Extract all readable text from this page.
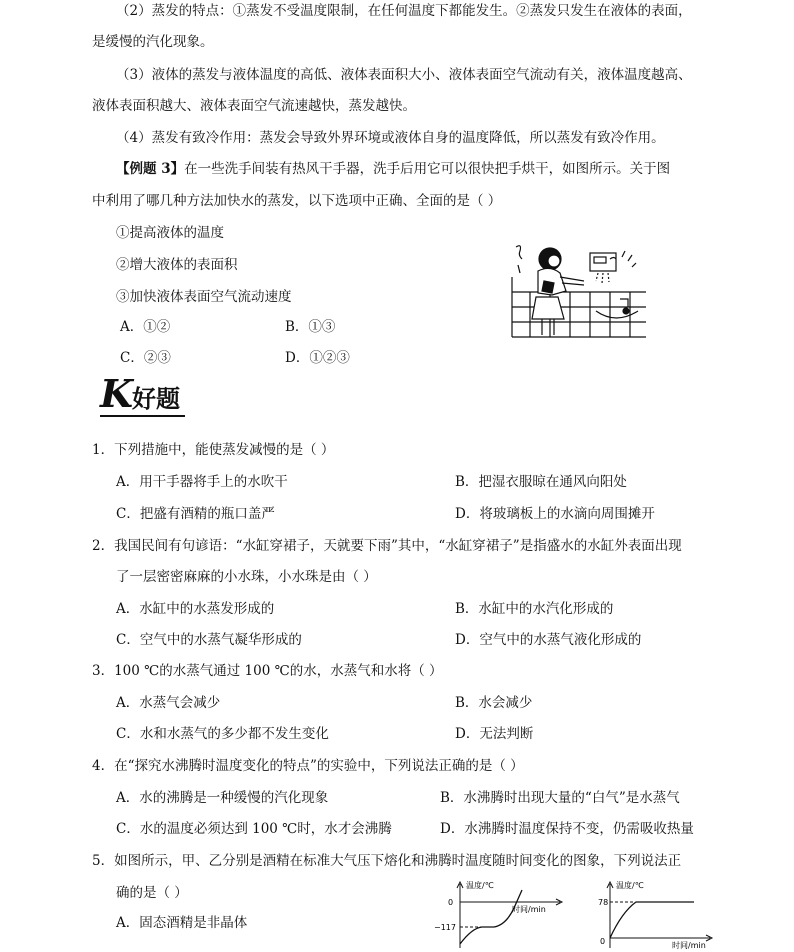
（2）蒸发的特点：①蒸发不受温度限制，在任何温度下都能发生。②蒸发只发生在液体的表面，
是缓慢的汽化现象。
（3）液体的蒸发与液体温度的高低、液体表面积大小、液体表面空气流动有关，液体温度越高、
液体表面积越大、液体表面空气流速越快，蒸发越快。
（4）蒸发有致冷作用：蒸发会导致外界环境或液体自身的温度降低，所以蒸发有致冷作用。
【例题 3】在一些洗手间装有热风干手器，洗手后用它可以很快把手烘干，如图所示。关于图
中利用了哪几种方法加快水的蒸发，以下选项中正确、全面的是（ ）
①提高液体的温度
②增大液体的表面积
③加快液体表面空气流动速度
A．①②	B．①③
C．②③	D．①②③
K
好题
1．下列措施中，能使蒸发减慢的是（ ）
A．用干手器将手上的水吹干	B．把湿衣服晾在通风向阳处
C．把盛有酒精的瓶口盖严	D．将玻璃板上的水滴向周围摊开
2．我国民间有句谚语：“水缸穿裙子，天就要下雨”其中，“水缸穿裙子”是指盛水的水缸外表面出现
了一层密密麻麻的小水珠，小水珠是由（ ）
A．水缸中的水蒸发形成的	B．水缸中的水汽化形成的
C．空气中的水蒸气凝华形成的	D．空气中的水蒸气液化形成的
3．100 ℃的水蒸气通过 100 ℃的水，水蒸气和水将（ ）
A．水蒸气会减少	B．水会减少
C．水和水蒸气的多少都不发生变化	D．无法判断
4．在“探究水沸腾时温度变化的特点”的实验中，下列说法正确的是（ ）
A．水的沸腾是一种缓慢的汽化现象	B．水沸腾时出现大量的“白气”是水蒸气
C．水的温度必须达到 100 ℃时，水才会沸腾	D．水沸腾时温度保持不变，仍需吸收热量
5．如图所示，甲、乙分别是酒精在标准大气压下熔化和沸腾时温度随时间变化的图象，下列说法正
确的是（ ）
A．固态酒精是非晶体
温度/℃
时间/min
0
−117
温度/℃
时间/min
78
0
